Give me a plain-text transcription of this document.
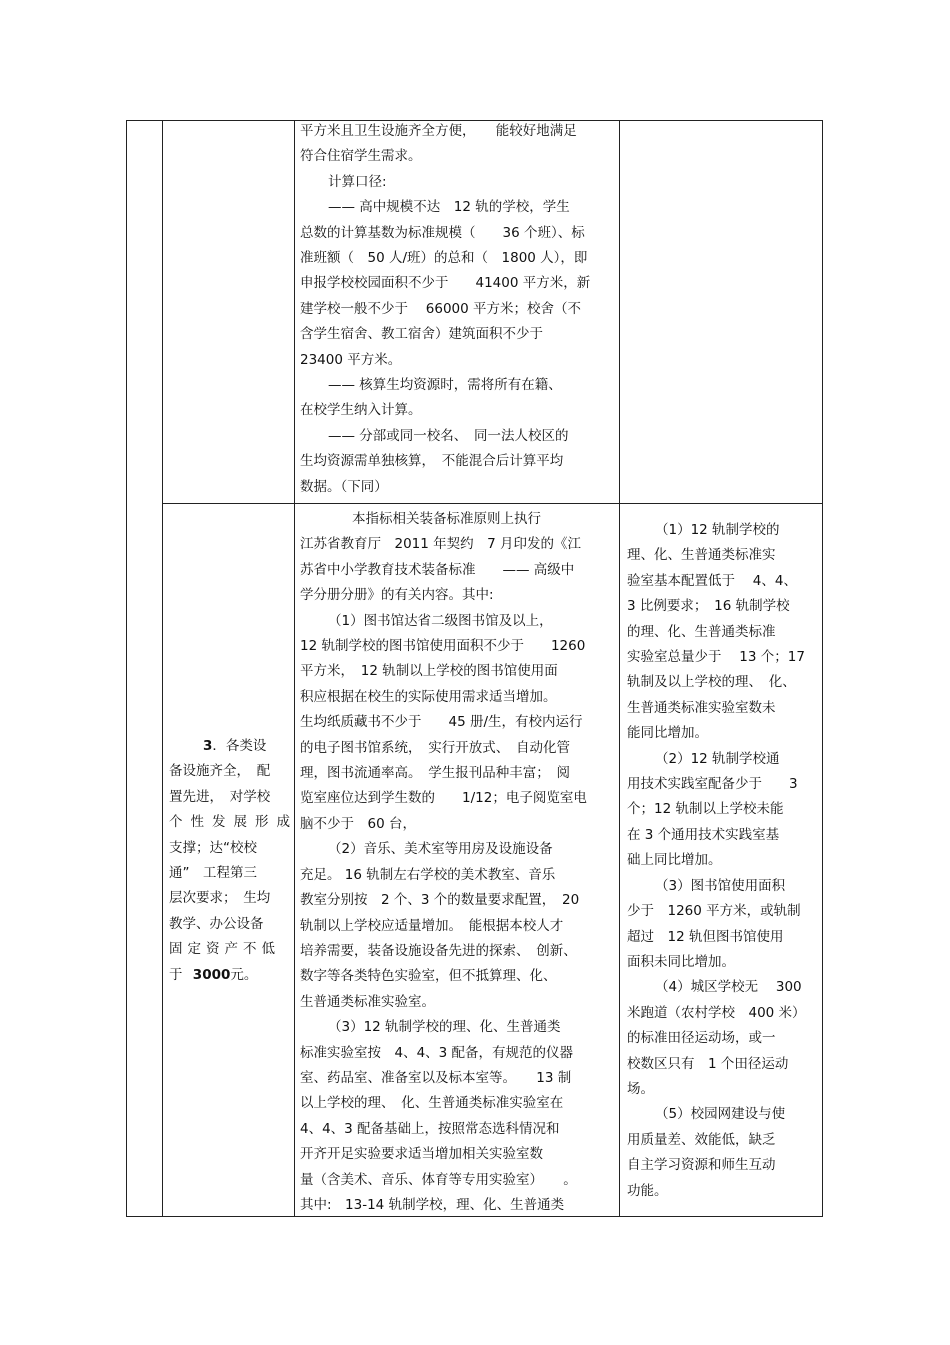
平方米且卫生设施齐全方便，　　能较好地满足

符合住宿学生需求。

计算口径:

—— 高中规模不达　12 轨的学校，学生

总数的计算基数为标准规模（　　36 个班）、标

准班额（　50 人/班）的总和（　1800 人），即

申报学校校园面积不少于　　41400 平方米，新

建学校一般不少于　 66000 平方米；校舍（不

含学生宿舍、教工宿舍）建筑面积不少于

23400 平方米。

—— 核算生均资源时，需将所有在籍、

在校学生纳入计算。

—— 分部或同一校名、　同一法人校区的

生均资源需单独核算，　不能混合后计算平均

数据。（下同）

3 ．各类设

备设施齐全，　配

置先进，　对学校

个性发展形成

支撑；达“校校

通”　工程第三

层次要求；　生均

教学、办公设备

固定资产不低

于 3000元。

本指标相关装备标准原则上执行

江苏省教育厅　2011 年契约　7 月印发的《江

苏省中小学教育技术装备标准　　—— 高级中

学分册分册》的有关内容。其中:

（1）图书馆达省二级图书馆及以上，

12 轨制学校的图书馆使用面积不少于　　1260

平方米，　12 轨制以上学校的图书馆使用面

积应根据在校生的实际使用需求适当增加。

生均纸质藏书不少于　　45 册/生，有校内运行

的电子图书馆系统，　实行开放式、　自动化管

理，图书流通率高。　学生报刊品种丰富；　阅

览室座位达到学生数的　　1/12；电子阅览室电

脑不少于　60 台，

（2）音乐、美术室等用房及设施设备

充足。 16 轨制左右学校的美术教室、音乐

教室分别按　2 个、3 个的数量要求配置，　20

轨制以上学校应适量增加。　能根据本校人才

培养需要，装备设施设备先进的探索、　创新、

数字等各类特色实验室，但不抵算理、化、

生普通类标准实验室。

（3）12 轨制学校的理、化、生普通类

标准实验室按　4、4、3 配备，有规范的仪器

室、药品室、准备室以及标本室等。　　13 制

以上学校的理、　化、生普通类标准实验室在

4、4、3 配备基础上，按照常态选科情况和

开齐开足实验要求适当增加相关实验室数

量（含美术、音乐、体育等专用实验室）　　。

其中:　13-14 轨制学校，理、化、生普通类

（1）12 轨制学校的

理、化、生普通类标准实

验室基本配置低于　 4、4、

3 比例要求；　16 轨制学校

的理、化、生普通类标准

实验室总量少于　 13 个；17

轨制及以上学校的理、　化、

生普通类标准实验室数未

能同比增加。

（2）12 轨制学校通

用技术实践室配备少于　　3

个；12 轨制以上学校未能

在 3 个通用技术实践室基

础上同比增加。

（3）图书馆使用面积

少于　1260 平方米，或轨制

超过　12 轨但图书馆使用

面积未同比增加。

（4）城区学校无　 300

米跑道（农村学校　400 米）

的标准田径运动场，或一

校数区只有　1 个田径运动

场。

（5）校园网建设与使

用质量差、效能低，缺乏

自主学习资源和师生互动

功能。
